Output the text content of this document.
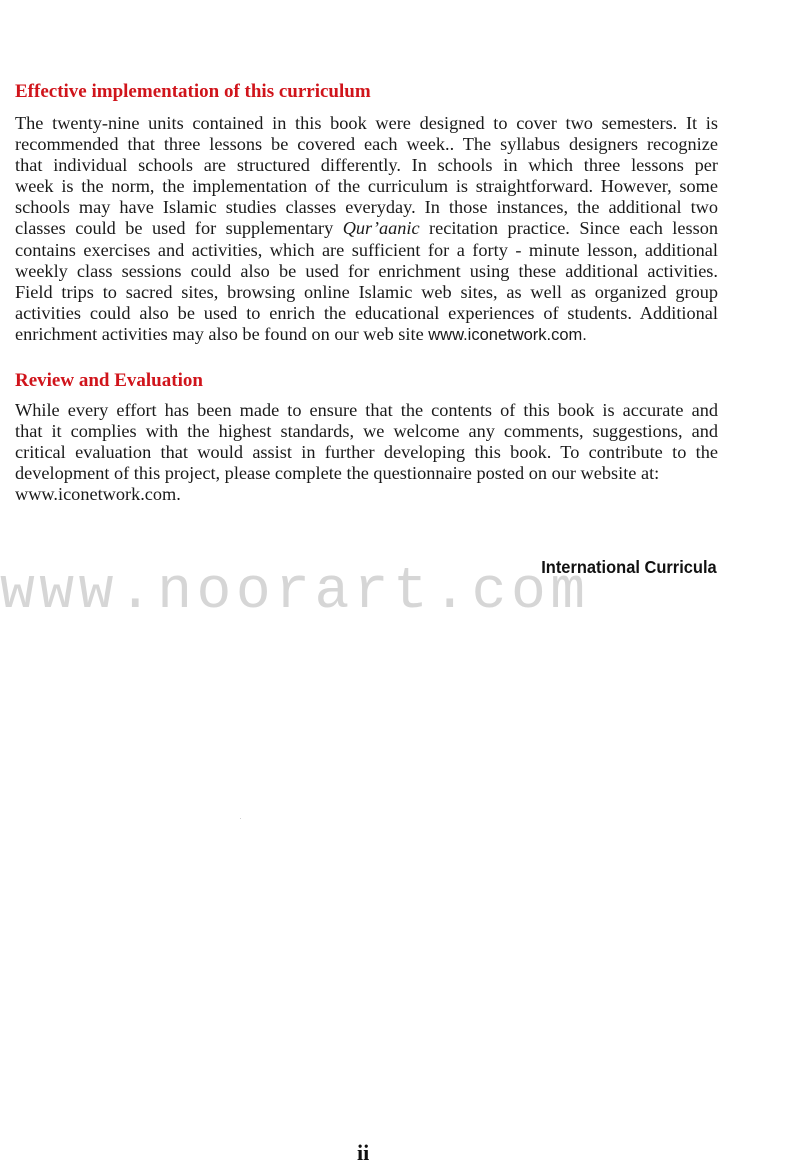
Effective implementation of this curriculum
The twenty-nine units contained in this book were designed to cover two semesters. It is
recommended that three lessons be covered each week.. The syllabus designers recognize
that individual schools are structured differently. In schools in which three lessons per
week is the norm, the implementation of the curriculum is straightforward. However, some
schools may have Islamic studies classes everyday. In those instances, the additional two
classes could be used for supplementary Qur’aanic recitation practice. Since each lesson
contains exercises and activities, which are sufficient for a forty - minute lesson, additional
weekly class sessions could also be used for enrichment using these additional activities.
Field trips to sacred sites, browsing online Islamic web sites, as well as organized group
activities could also be used to enrich the educational experiences of students. Additional
enrichment activities may also be found on our web site www.iconetwork.com.
Review and Evaluation
While every effort has been made to ensure that the contents of this book is accurate and
that it complies with the highest standards, we welcome any comments, suggestions, and
critical evaluation that would assist in further developing this book. To contribute to the
development of this project, please complete the questionnaire posted on our website at:
www.iconetwork.com.
International Curricula
www.noorart.com
ii
